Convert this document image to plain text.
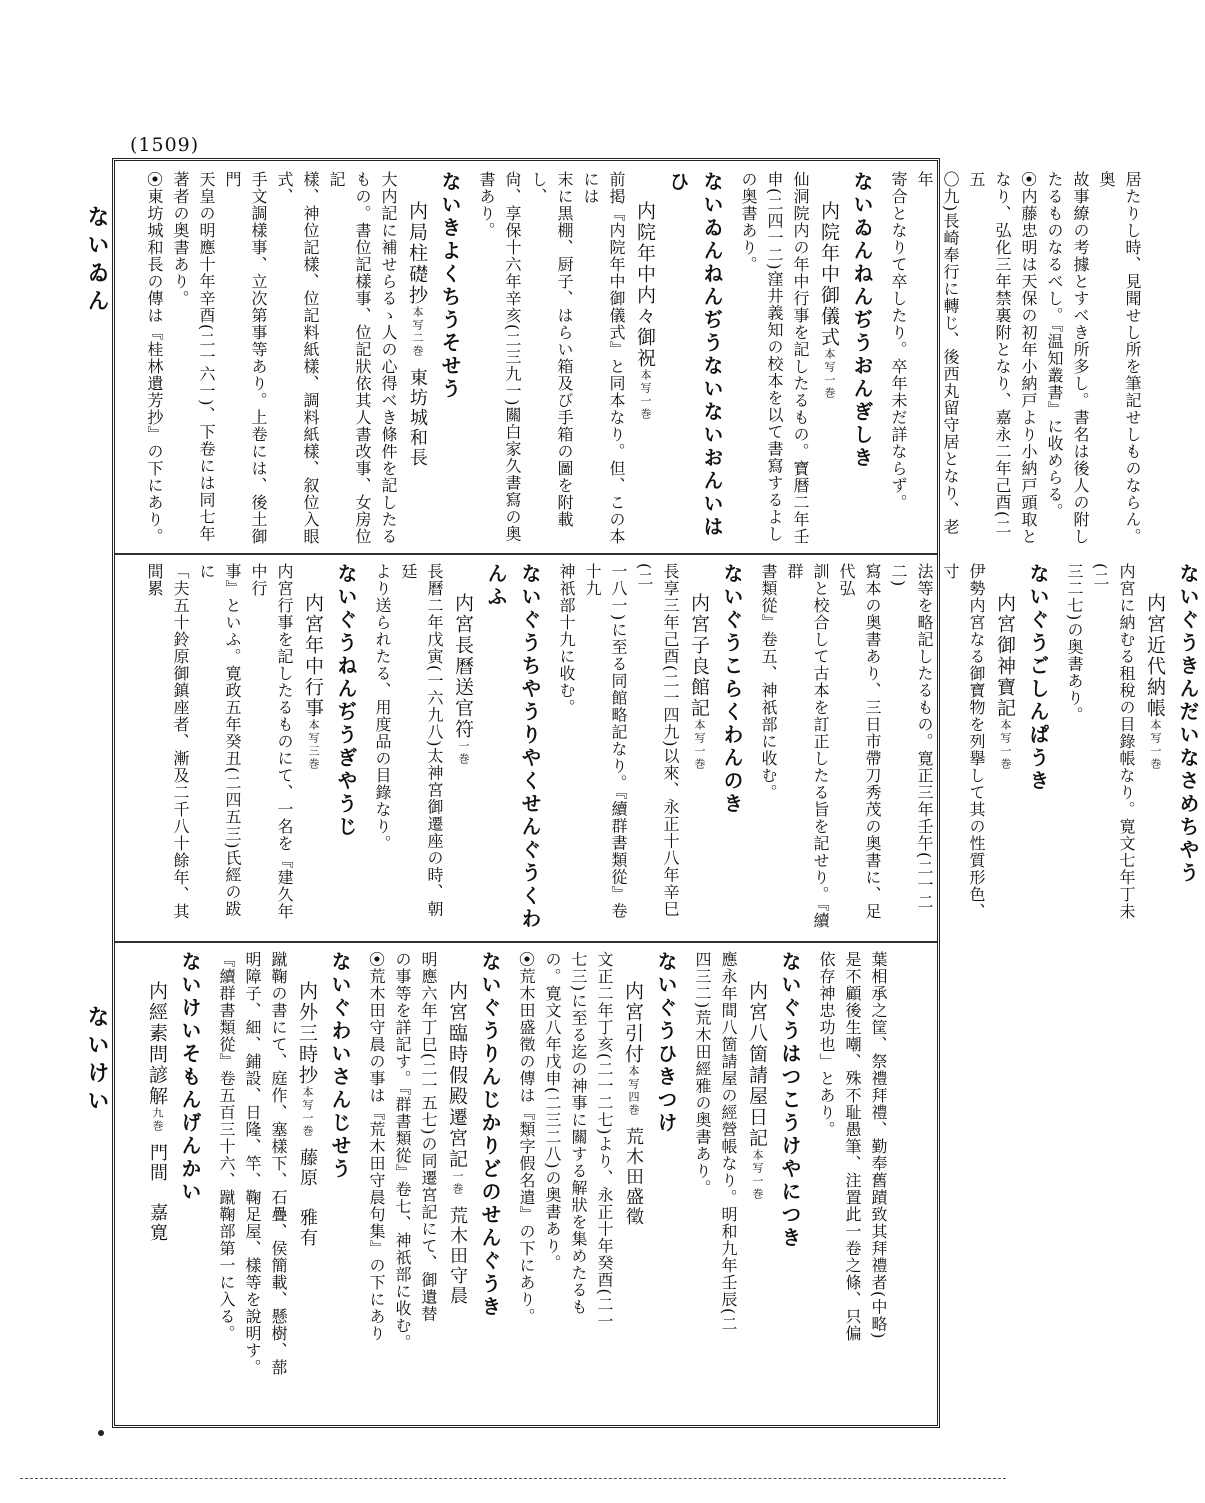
(1509)
ないゐん
ないけい

居たりし時、見聞せし所を筆記せしものならん。奥

故事繚の考據とすべき所多し。書名は後人の附し

たるものなるべし。『温知叢書』に收めらる。

⦿内藤忠明は天保の初年小納戸より小納戸頭取と

なり、弘化三年禁裏附となり、嘉永二年己酉(二五

〇九)長崎奉行に轉じ、後西丸留守居となり、老年

寄合となりて卒したり。卒年未だ詳ならず。

ないゐんねんぢうおんぎしき
内院年中御儀式本写一巻

仙洞院内の年中行事を記したるもの。寶暦二年壬

申(二四一二)窪井義知の校本を以て書寫するよし

の奥書あり。

ないゐんねんぢうないないおんいはひ
内院年中内々御祝本写一巻

前掲『内院年中御儀式』と同本なり。但、この本には

末に黒棚、厨子、はらい箱及び手箱の圖を附載し、

尙、享保十六年辛亥(二三九一)關白家久書寫の奥

書あり。

ないきよくちうそせう
内局柱礎抄本写二巻東坊城和長

大内記に補せらるゝ人の心得べき條件を記したる

もの。書位記樣事、位記狀依其人書改事、女房位記

樣、神位記樣、位記料紙樣、調料紙樣、叙位入眼式、

手文調樣事、立次第事等あり。上卷には、後土御門

天皇の明應十年辛酉(二一六一)、下卷には同七年

著者の奥書あり。

⦿東坊城和長の傳は『桂林遺芳抄』の下にあり。

ないぐうきんだいなさめちやう
内宮近代納帳本写一巻

内宮に納むる租稅の目錄帳なり。寛文七年丁未(二

三二七)の奥書あり。

ないぐうごしんぱうき
内宮御神寶記本写一巻

伊勢内宮なる御寶物を列擧して其の性質形色、寸

法等を略記したるもの。寛正三年壬午(二一二二)

寫本の奥書あり、三日市帶刀秀茂の奥書に、足代弘

訓と校合して古本を訂正したる旨を記せり。『續群

書類從』卷五、神祇部に收む。

ないぐうこらくわんのき
内宮子良館記本写一巻

長享三年己酉(二一四九)以來、永正十八年辛巳(二

一八一)に至る同館略記なり。『續群書類從』卷十九

神祇部十九に收む。

ないぐうちやうりやくせんぐうくわんふ
内宮長曆送官符一巻

長曆二年戊寅(一六九八)太神宮御遷座の時、朝廷

より送られたる、用度品の目錄なり。

ないぐうねんぢうぎやうじ
内宮年中行事本写三巻

内宮行事を記したるものにて、一名を『建久年中行

事』といふ。寛政五年癸丑(二四五三)氏經の跋に

「夫五十鈴原御鎮座者、漸及二千八十餘年、其間累

葉相承之筐、祭禮拜禮、勤奉舊蹟致其拜禮者(中略)

是不顧後生嘲、殊不耻愚筆、注置此一卷之條、只偏

依存神忠功也」とあり。

ないぐうはつこうけやにつき
内宮八箇請屋日記本写一巻

應永年間八箇請屋の經營帳なり。明和九年壬辰(二

四三二)荒木田經雅の奥書あり。

ないぐうひきつけ
内宮引付本写四巻荒木田盛徵

文正二年丁亥(二一二七)より、永正十年癸酉(二一

七三)に至る迄の神事に關する解狀を集めたるも

の。寛文八年戊申(二三二八)の奥書あり。

⦿荒木田盛徵の傳は『類字假名遣』の下にあり。

ないぐうりんじかりどのせんぐうき
内宮臨時假殿遷宮記一巻荒木田守晨

明應六年丁巳(二一五七)の同遷宮記にて、御遺替

の事等を詳記す。『群書類從』卷七、神祇部に收む。

⦿荒木田守晨の事は『荒木田守晨句集』の下にあり

ないぐわいさんじせう
内外三時抄本写一巻藤原　雅有

蹴鞠の書にて、庭作、塞樣下、石疊、侯簡載、懸樹、蔀

明障子、細、鋪設、日隆、竿、鞠足屋、樣等を說明す。

『續群書類從』卷五百三十六、蹴鞠部第一に入る。

ないけいそもんげんかい
内經素問諺解九巻門間　嘉寛
